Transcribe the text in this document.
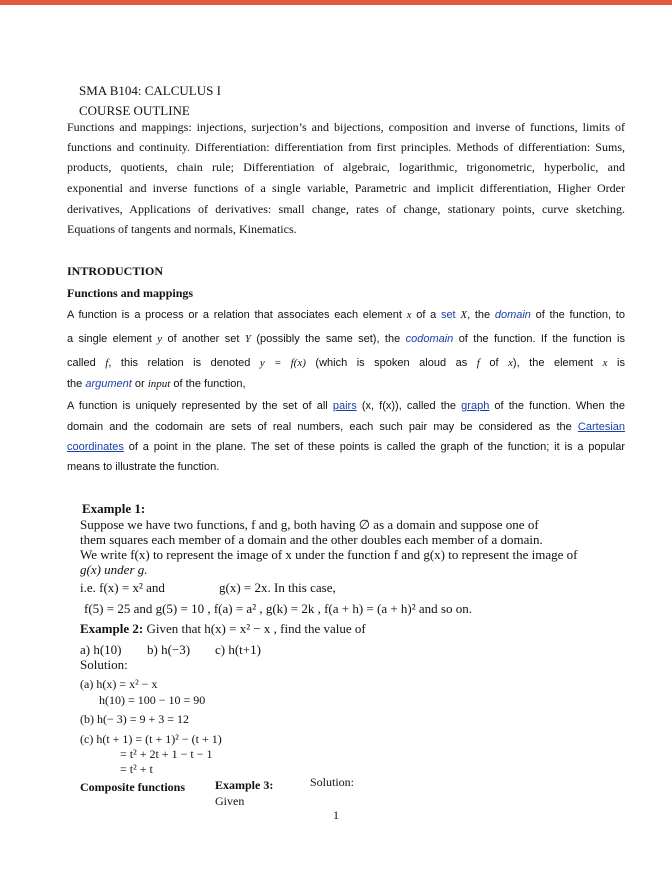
SMA B104: CALCULUS I
COURSE OUTLINE
Functions and mappings: injections, surjection’s and bijections, composition and inverse of functions, limits of
functions and continuity. Differentiation: differentiation from first principles. Methods of differentiation: Sums,
products, quotients, chain rule; Differentiation of algebraic, logarithmic, trigonometric, hyperbolic, and
exponential and inverse functions of a single variable, Parametric and implicit differentiation, Higher Order
derivatives, Applications of derivatives: small change, rates of change, stationary points, curve sketching.
Equations of tangents and normals, Kinematics.
INTRODUCTION
Functions and mappings
A function is a process or a relation that associates each element x of a set X, the domain of the function, to
a single element y of another set Y (possibly the same set), the codomain of the function. If the function is
called f, this relation is denoted y = f(x) (which is spoken aloud as f of x), the element x is
the argument or input of the function,
A function is uniquely represented by the set of all pairs (x, f(x)), called the graph of the function. When the
domain and the codomain are sets of real numbers, each such pair may be considered as the Cartesian
coordinates of a point in the plane. The set of these points is called the graph of the function; it is a popular
means to illustrate the function.
Example 1:
Suppose we have two functions, f and g, both having ∅ as a domain and suppose one of
them squares each member of a domain and the other doubles each member of a domain.
We write f(x) to represent the image of x under the function f and g(x) to represent the image of
g(x) under g.
i.e. f(x) = x² and	g(x) = 2x. In this case,
f(5) = 25 and g(5) = 10 , f(a) = a² , g(k) = 2k , f(a + h) = (a + h)² and so on.
Example 2: Given that h(x) = x² − x , find the value of
a) h(10) b) h(−3) c) h(t+1)
Solution:
(a) h(x) = x² − x
h(10) = 100 − 10 = 90
(b) h(− 3) = 9 + 3 = 12
(c) h(t + 1) = (t + 1)² − (t + 1)
= t² + 2t + 1 − t − 1
= t² + t
Composite functions Example 3:	Solution:
Given
1
